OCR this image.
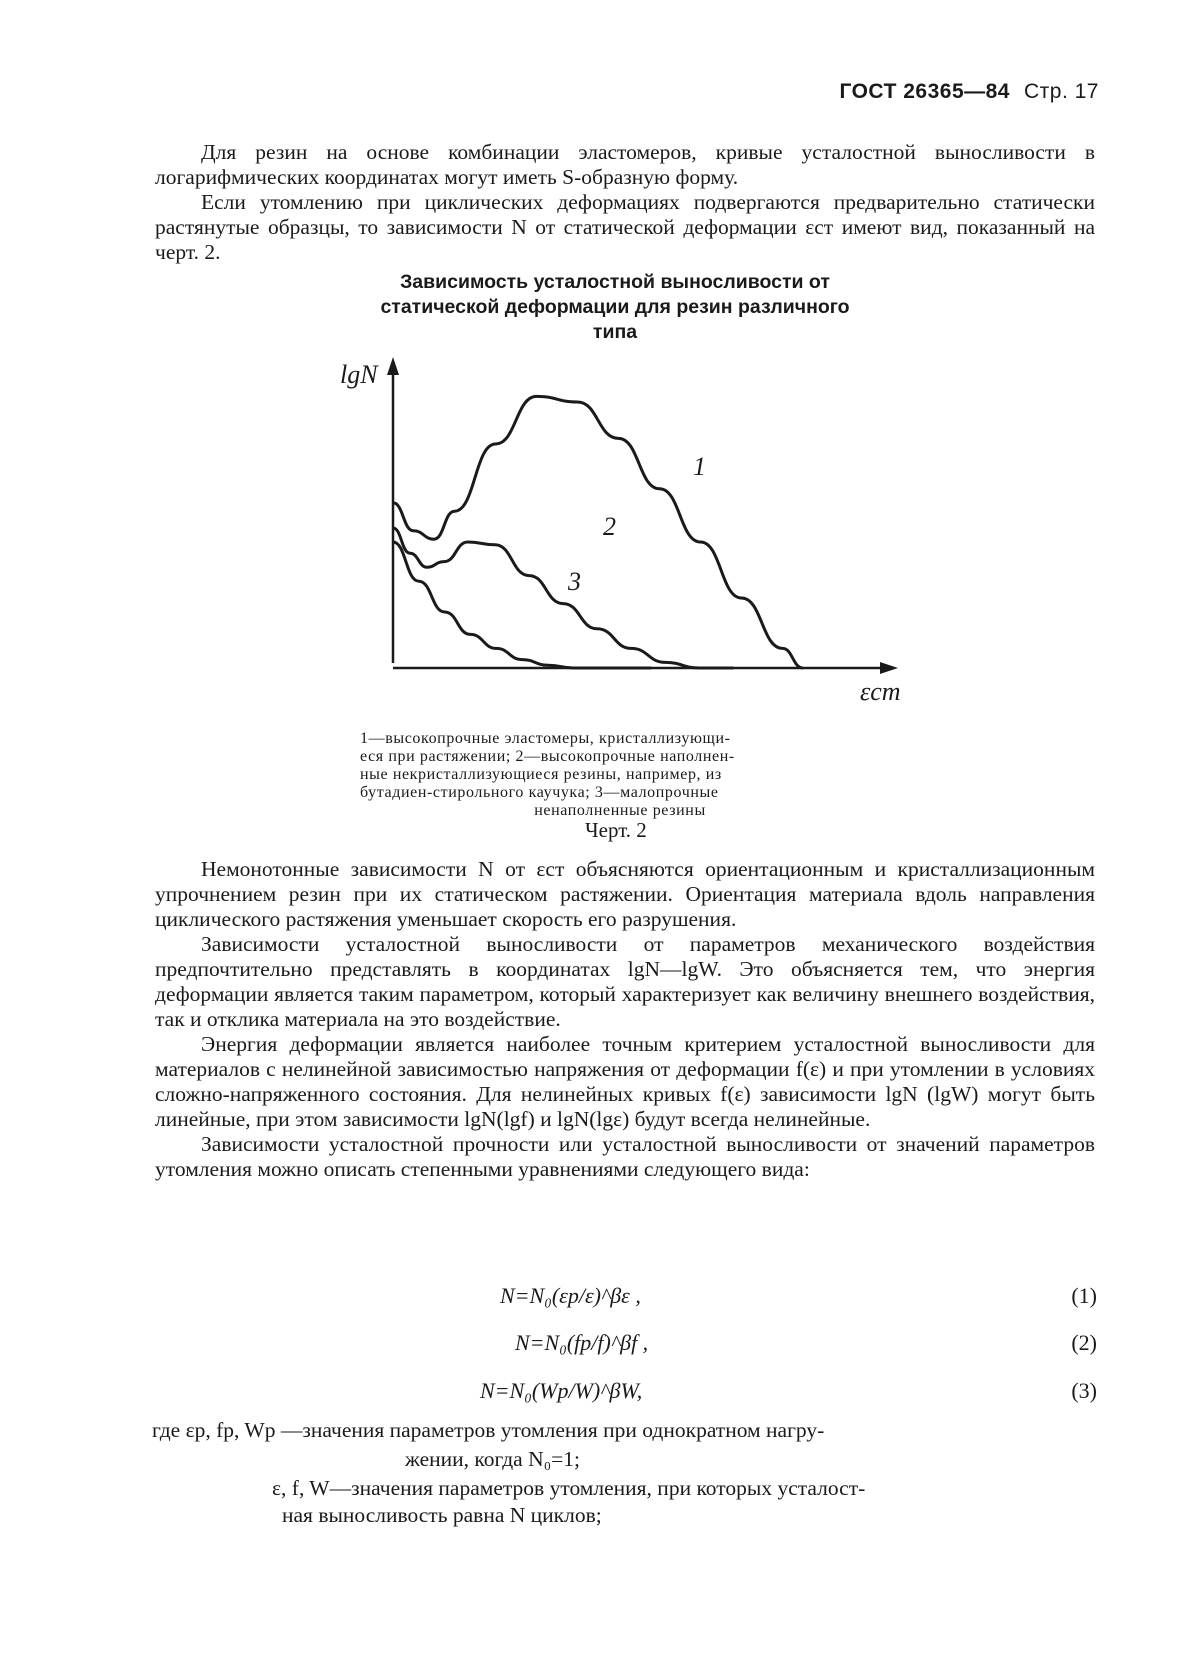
ГОСТ 26365—84 Стр. 17

Для резин на основе комбинации эластомеров, кривые усталостной выносливости в логарифмических координатах могут иметь S-образную форму.

Если утомлению при циклических деформациях подвергаются предварительно статически растянутые образцы, то зависимости N от статической деформации εст имеют вид, показанный на черт. 2.

Зависимость усталостной выносливости от
статической деформации для резин различного
типа
lgN
εст
1
2
3
1—высокопрочные эластомеры, кристаллизующи-
еся при растяжении; 2—высокопрочные наполнен-
ные некристаллизующиеся резины, например, из
бутадиен-стирольного каучука; 3—малопрочные
ненаполненные резины
Черт. 2

Немонотонные зависимости N от εст объясняются ориентационным и кристаллизационным упрочнением резин при их статическом растяжении. Ориентация материала вдоль направления циклического растяжения уменьшает скорость его разрушения.

Зависимости усталостной выносливости от параметров механического воздействия предпочтительно представлять в координатах lgN—lgW. Это объясняется тем, что энергия деформации является таким параметром, который характеризует как величину внешнего воздействия, так и отклика материала на это воздействие.

Энергия деформации является наиболее точным критерием усталостной выносливости для материалов с нелинейной зависимостью напряжения от деформации f(ε) и при утомлении в условиях сложно-напряженного состояния. Для нелинейных кривых f(ε) зависимости lgN (lgW) могут быть линейные, при этом зависимости lgN(lgf) и lgN(lgε) будут всегда нелинейные.

Зависимости усталостной прочности или усталостной выносливости от значений параметров утомления можно описать степенными уравнениями следующего вида:

N=N₀(εp/ε)^βε ,	(1)
N=N₀(fp/f)^βf ,	(2)
N=N₀(Wp/W)^βW,	(3)
где εp, fp, Wp —значения параметров утомления при однократном нагру-
жении, когда N₀=1;
ε, f, W—значения параметров утомления, при которых усталост-
ная выносливость равна N циклов;
